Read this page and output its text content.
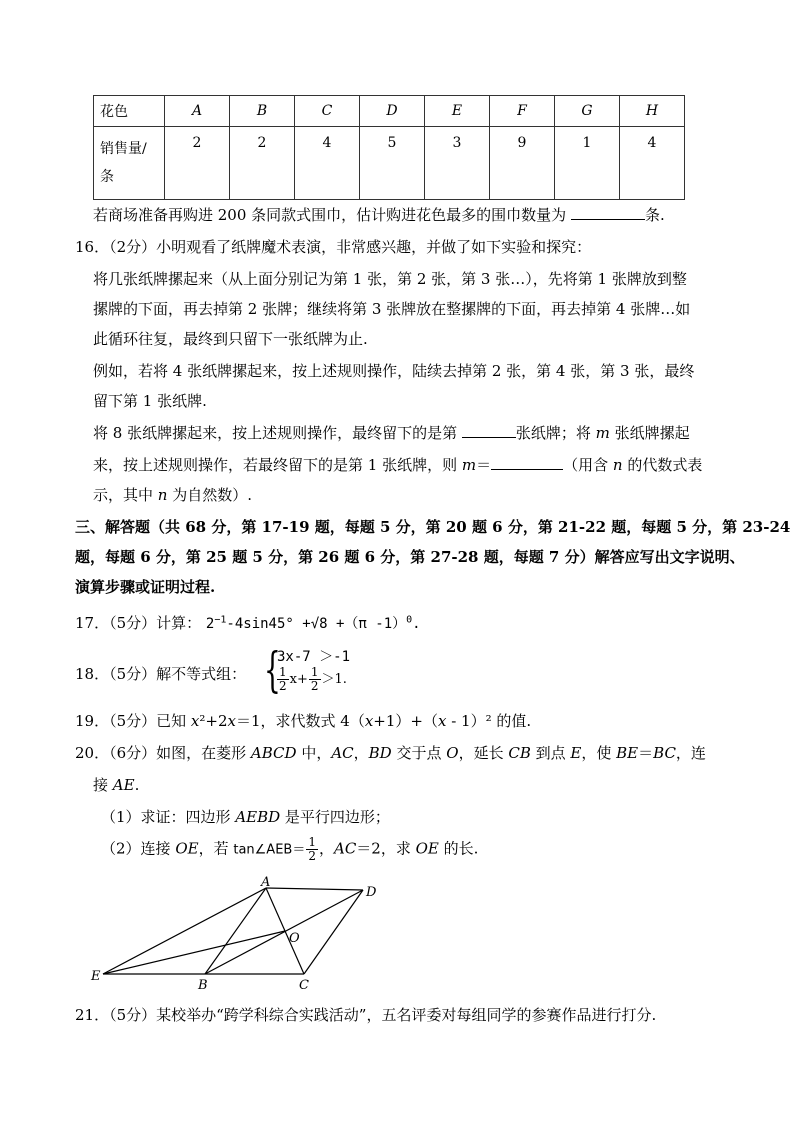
花色	A	B	C	D	E	F	G	H
销售量/
条	2	2	4	5	3	9	1	4
若商场准备再购进 200 条同款式围巾，估计购进花色最多的围巾数量为	条.
16．（2分）小明观看了纸牌魔术表演，非常感兴趣，并做了如下实验和探究：
将几张纸牌摞起来（从上面分别记为第 1 张，第 2 张，第 3 张…），先将第 1 张牌放到整
摞牌的下面，再去掉第 2 张牌；继续将第 3 张牌放在整摞牌的下面，再去掉第 4 张牌…如
此循环往复，最终到只留下一张纸牌为止.
例如，若将 4 张纸牌摞起来，按上述规则操作，陆续去掉第 2 张，第 4 张，第 3 张，最终
留下第 1 张纸牌.
将 8 张纸牌摞起来，按上述规则操作，最终留下的是第	张纸牌；将 m 张纸牌摞起
来，按上述规则操作，若最终留下的是第 1 张纸牌，则 m＝	（用含 n 的代数式表
示，其中 n 为自然数）.
三、解答题（共 68 分，第 17-19 题，每题 5 分，第 20 题 6 分，第 21-22 题，每题 5 分，第 23-24
题，每题 6 分，第 25 题 5 分，第 26 题 6 分，第 27-28 题，每题 7 分）解答应写出文字说明、
演算步骤或证明过程.
17．（5分）计算： $2^{-1}-4\sin 45^\circ +√8 +(\pi$ -1）$^0$.
18．（5分）解不等式组： {
3x-7 ＞-1
$\frac{1}{2} x+ \frac{1}{2} >1$.
19．（5分）已知 x²+2x＝1，求代数式 4（x+1）+（x - 1）² 的值.
20．（6分）如图，在菱形 ABCD 中，AC，BD 交于点 O，延长 CB 到点 E，使 BE＝BC，连
接 AE.
（1）求证：四边形 AEBD 是平行四边形；
（2）连接 OE，若 tan∠AEB＝ $\frac{1}{2}$ ，AC＝2，求 OE 的长.
A
D
O
E
B	C
21．（5分）某校举办“跨学科综合实践活动”，五名评委对每组同学的参赛作品进行打分.
